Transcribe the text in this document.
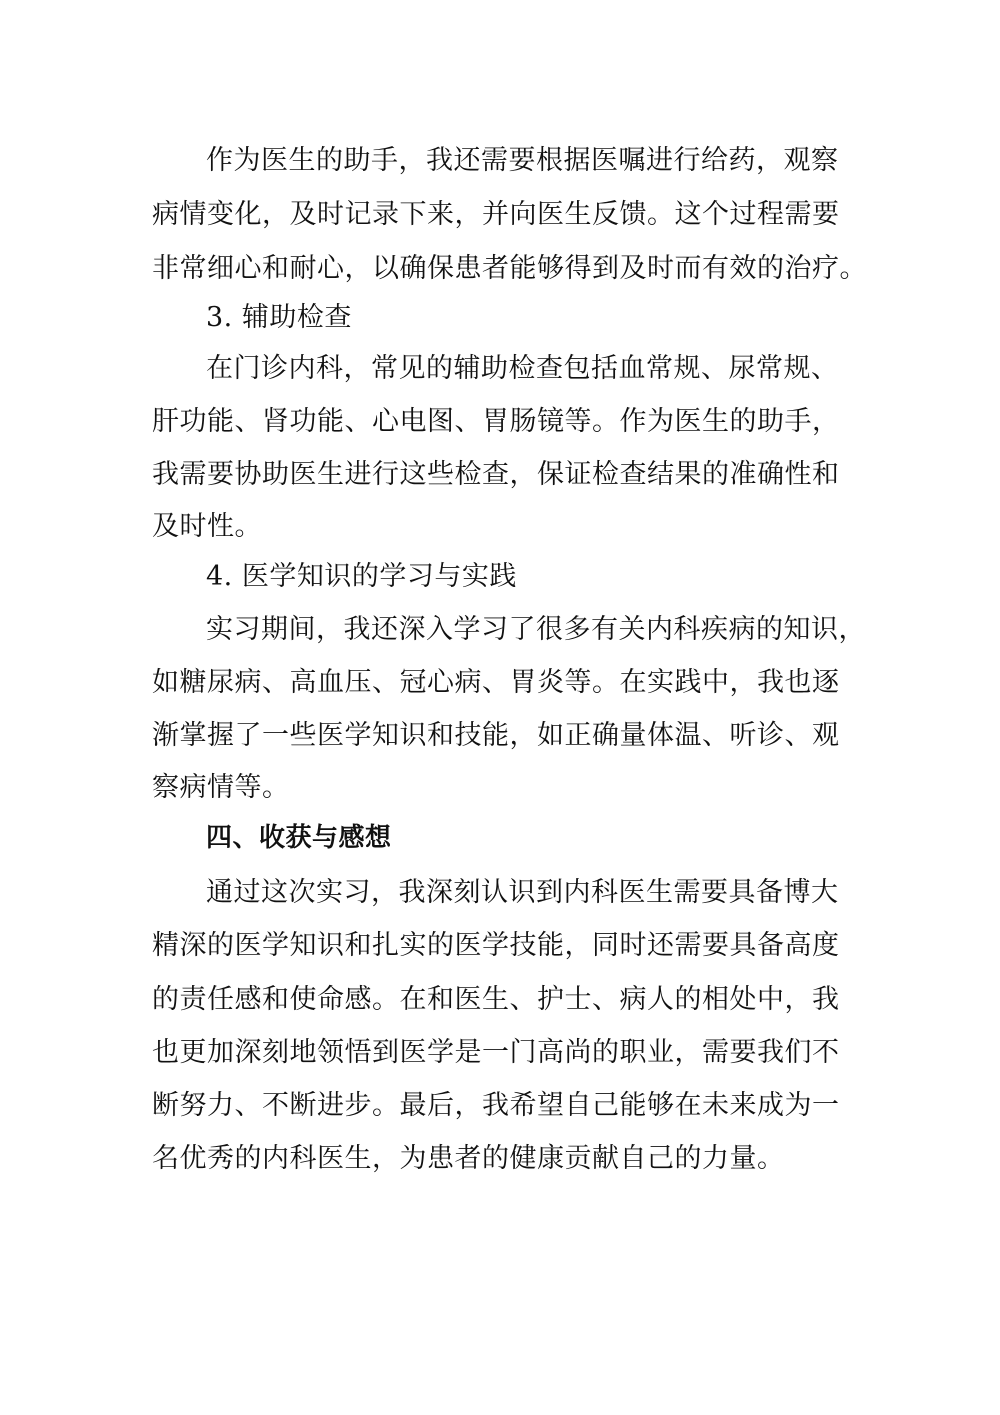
作为医生的助手，我还需要根据医嘱进行给药，观察
病情变化，及时记录下来，并向医生反馈。这个过程需要
非常细心和耐心，以确保患者能够得到及时而有效的治疗。
3. 辅助检查
在门诊内科，常见的辅助检查包括血常规、尿常规、
肝功能、肾功能、心电图、胃肠镜等。作为医生的助手，
我需要协助医生进行这些检查，保证检查结果的准确性和
及时性。
4. 医学知识的学习与实践
实习期间，我还深入学习了很多有关内科疾病的知识，
如糖尿病、高血压、冠心病、胃炎等。在实践中，我也逐
渐掌握了一些医学知识和技能，如正确量体温、听诊、观
察病情等。
四、收获与感想
通过这次实习，我深刻认识到内科医生需要具备博大
精深的医学知识和扎实的医学技能，同时还需要具备高度
的责任感和使命感。在和医生、护士、病人的相处中，我
也更加深刻地领悟到医学是一门高尚的职业，需要我们不
断努力、不断进步。最后，我希望自己能够在未来成为一
名优秀的内科医生，为患者的健康贡献自己的力量。
